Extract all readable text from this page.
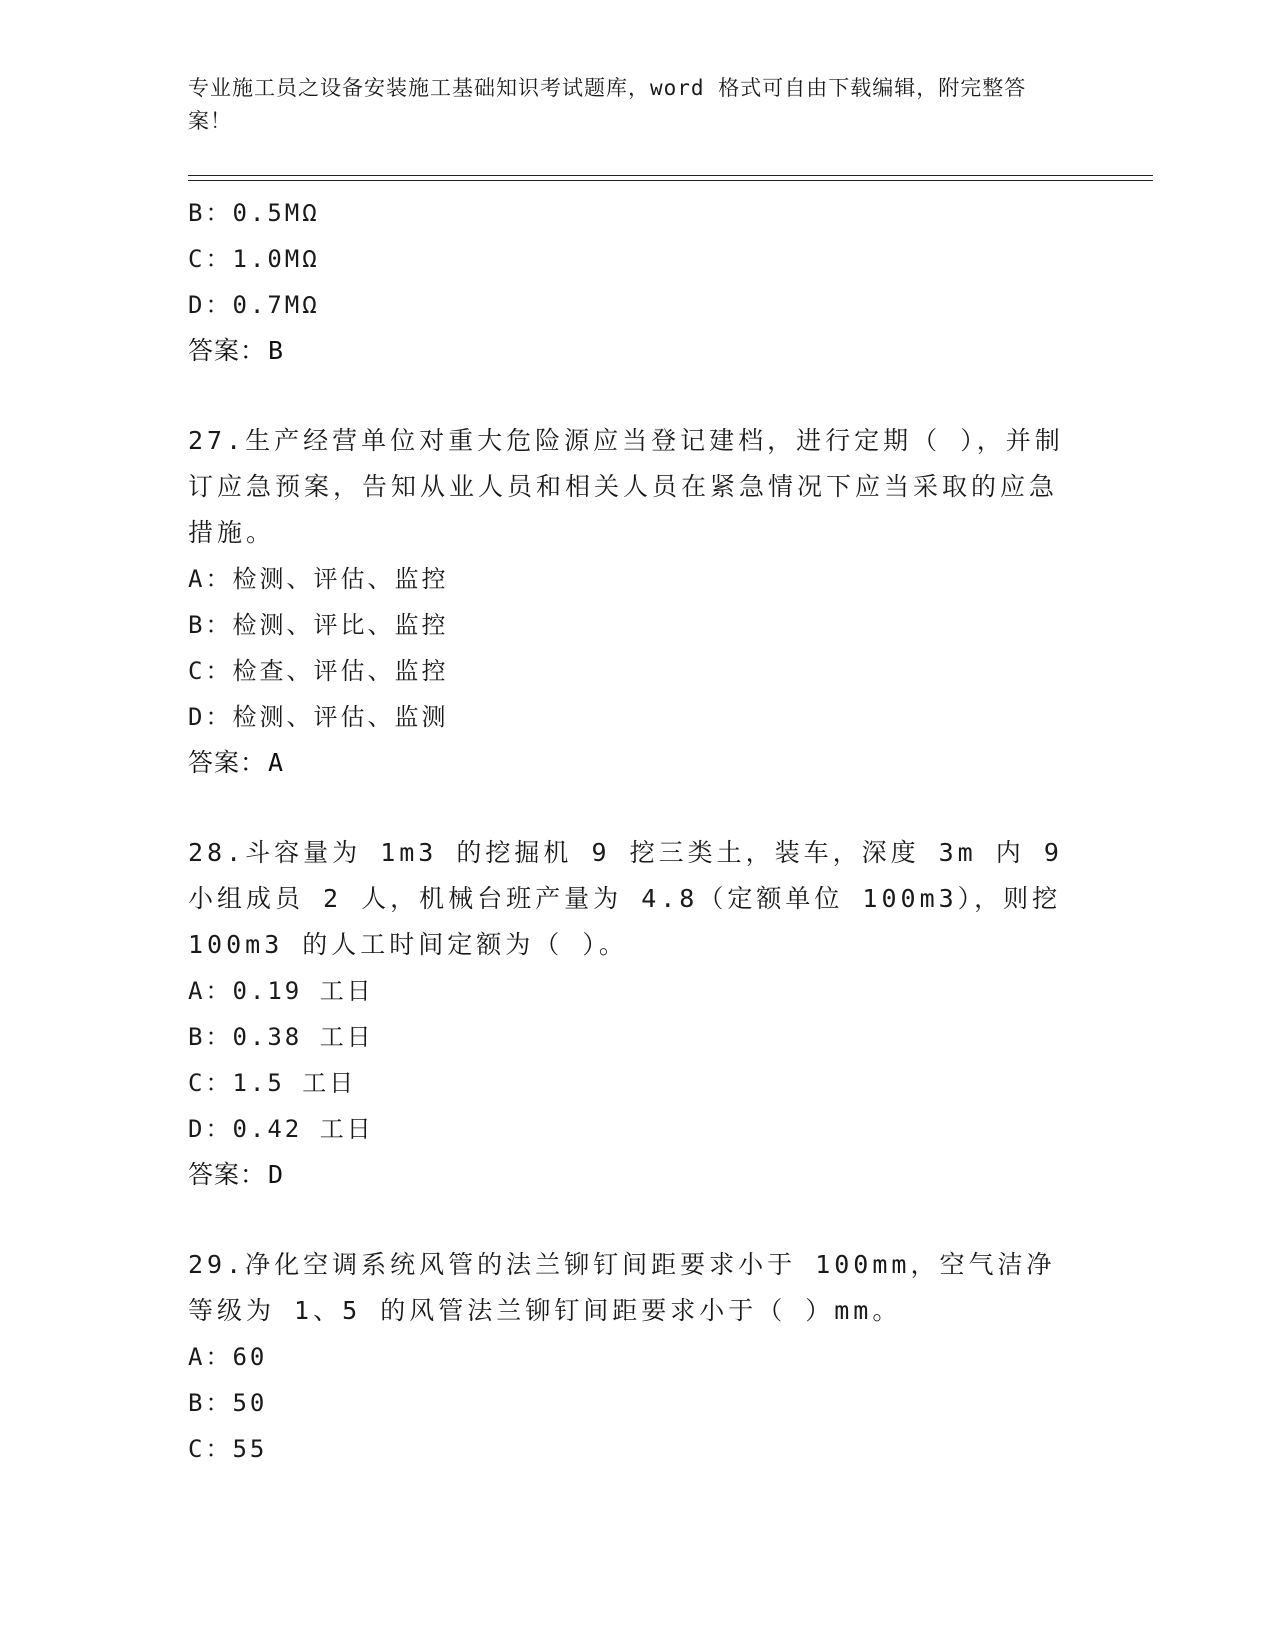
专业施工员之设备安装施工基础知识考试题库，word 格式可自由下载编辑，附完整答案！
B：0.5MΩ
C：1.0MΩ
D：0.7MΩ
答案：B
27.生产经营单位对重大危险源应当登记建档，进行定期（ ），并制订应急预案，告知从业人员和相关人员在紧急情况下应当采取的应急措施。
A：检测、评估、监控
B：检测、评比、监控
C：检查、评估、监控
D：检测、评估、监测
答案：A
28.斗容量为 1m3 的挖掘机 9 挖三类土，装车，深度 3m 内 9 小组成员 2 人，机械台班产量为 4.8（定额单位 100m3），则挖 100m3 的人工时间定额为（ ）。
A：0.19 工日
B：0.38 工日
C：1.5 工日
D：0.42 工日
答案：D
29.净化空调系统风管的法兰铆钉间距要求小于 100mm，空气洁净等级为 1、5 的风管法兰铆钉间距要求小于（ ）mm。
A：60
B：50
C：55
